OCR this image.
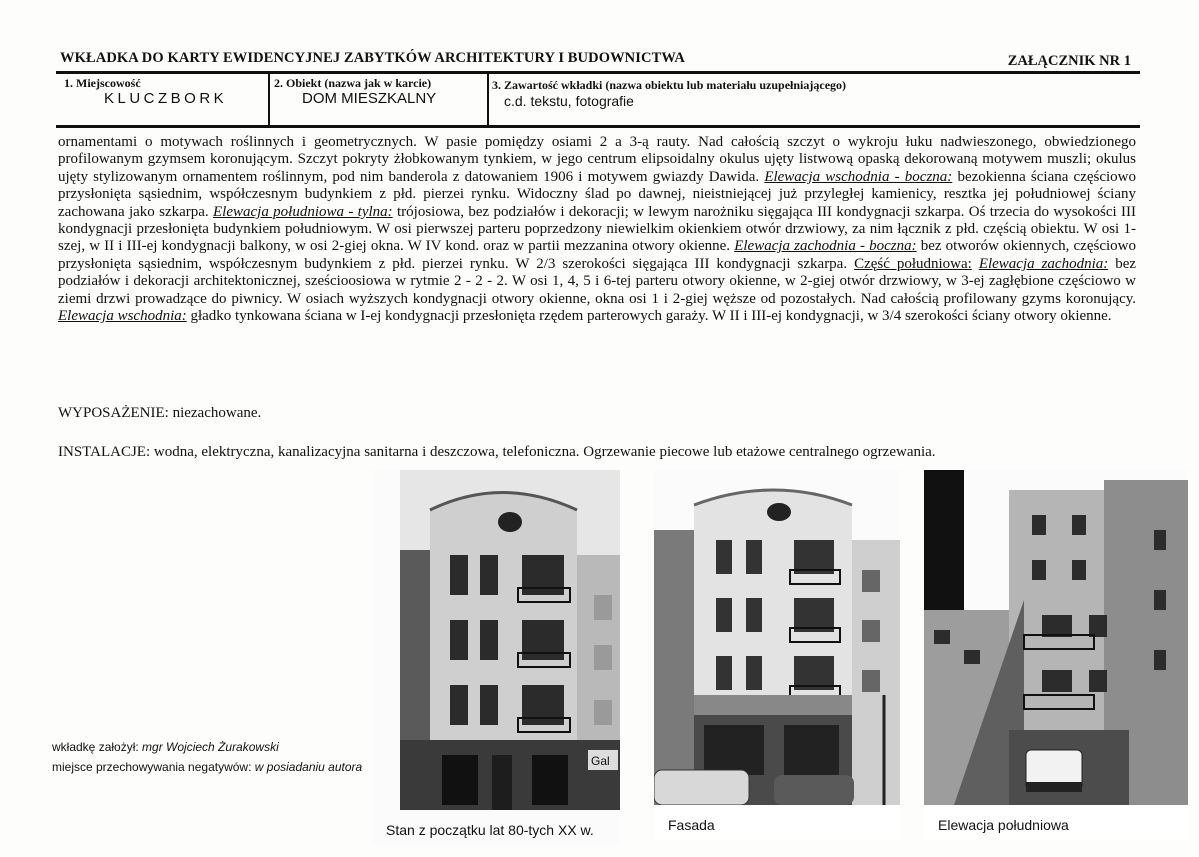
WKŁADKA DO KARTY EWIDENCYJNEJ ZABYTKÓW ARCHITEKTURY I BUDOWNICTWA	ZAŁĄCZNIK NR 1
1. Miejscowość
KLUCZBORK
2. Obiekt (nazwa jak w karcie)
DOM MIESZKALNY
3. Zawartość wkładki (nazwa obiektu lub materiału uzupełniającego)
c.d. tekstu, fotografie

ornamentami o motywach roślinnych i geometrycznych. W pasie pomiędzy osiami 2 a 3-ą rauty. Nad całością szczyt o wykroju łuku nadwieszonego, obwiedzionego profilowanym gzymsem koronującym. Szczyt pokryty żłobkowanym tynkiem, w jego centrum elipsoidalny okulus ujęty listwową opaską dekorowaną motywem muszli; okulus ujęty stylizowanym ornamentem roślinnym, pod nim banderola z datowaniem 1906 i motywem gwiazdy Dawida. Elewacja wschodnia - boczna: bezokienna ściana częściowo przysłonięta sąsiednim, współczesnym budynkiem z płd. pierzei rynku. Widoczny ślad po dawnej, nieistniejącej już przyległej kamienicy, resztka jej południowej ściany zachowana jako szkarpa. Elewacja południowa - tylna: trójosiowa, bez podziałów i dekoracji; w lewym narożniku sięgająca III kondygnacji szkarpa. Oś trzecia do wysokości III kondygnacji przesłonięta budynkiem południowym. W osi pierwszej parteru poprzedzony niewielkim okienkiem otwór drzwiowy, za nim łącznik z płd. częścią obiektu. W osi 1-szej, w II i III-ej kondygnacji balkony, w osi 2-giej okna. W IV kond. oraz w partii mezzanina otwory okienne. Elewacja zachodnia - boczna: bez otworów okiennych, częściowo przysłonięta sąsiednim, współczesnym budynkiem z płd. pierzei rynku. W 2/3 szerokości sięgająca III kondygnacji szkarpa. Część południowa: Elewacja zachodnia: bez podziałów i dekoracji architektonicznej, sześcioosiowa w rytmie 2 - 2 - 2. W osi 1, 4, 5 i 6-tej parteru otwory okienne, w 2-giej otwór drzwiowy, w 3-ej zagłębione częściowo w ziemi drzwi prowadzące do piwnicy. W osiach wyższych kondygnacji otwory okienne, okna osi 1 i 2-giej węższe od pozostałych. Nad całością profilowany gzyms koronujący. Elewacja wschodnia: gładko tynkowana ściana w I-ej kondygnacji przesłonięta rzędem parterowych garaży. W II i III-ej kondygnacji, w 3/4 szerokości ściany otwory okienne.

WYPOSAŻENIE: niezachowane.
INSTALACJE: wodna, elektryczna, kanalizacyjna sanitarna i deszczowa, telefoniczna. Ogrzewanie piecowe lub etażowe centralnego ogrzewania.
Gal
Stan z początku lat 80-tych XX w.	Fasada	Elewacja południowa
wkładkę założył: mgr Wojciech Żurakowski
miejsce przechowywania negatywów: w posiadaniu autora
